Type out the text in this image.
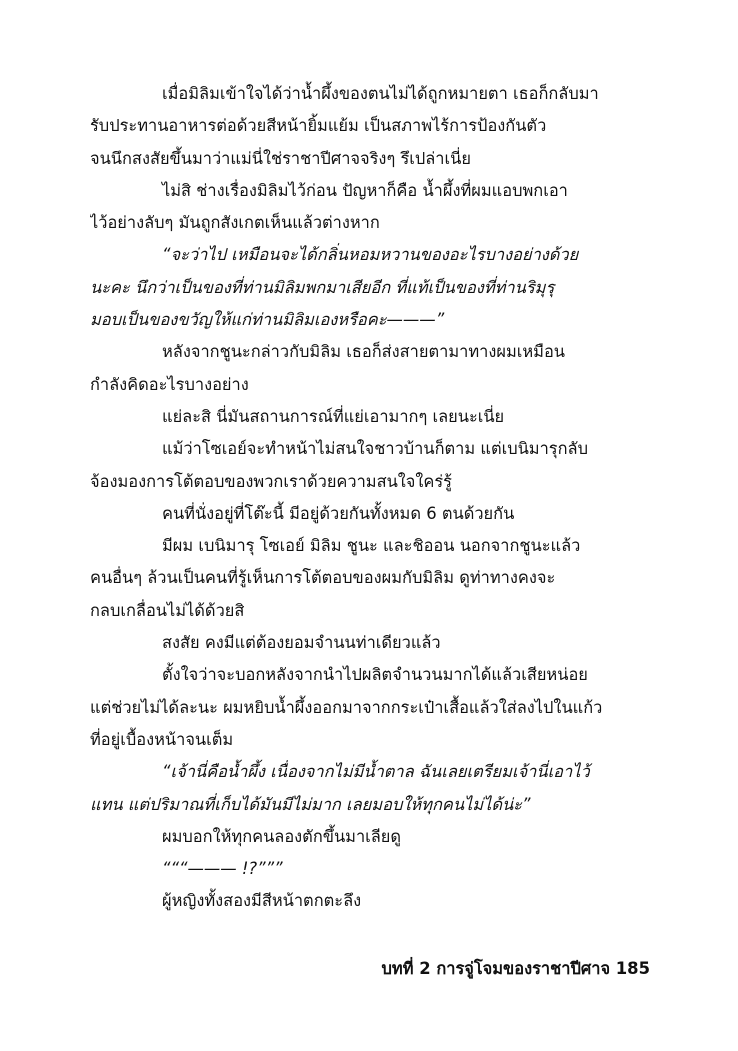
เมื่อมิลิมเข้าใจได้ว่าน้ำผึ้งของตนไม่ได้ถูกหมายตา เธอก็กลับมา
รับประทานอาหารต่อด้วยสีหน้ายิ้มแย้ม เป็นสภาพไร้การป้องกันตัว
จนนึกสงสัยขึ้นมาว่าแม่นี่ใช่ราชาปีศาจจริงๆ รึเปล่าเนี่ย
ไม่สิ ช่างเรื่องมิลิมไว้ก่อน ปัญหาก็คือ น้ำผึ้งที่ผมแอบพกเอา
ไว้อย่างลับๆ มันถูกสังเกตเห็นแล้วต่างหาก
“จะว่าไป เหมือนจะได้กลิ่นหอมหวานของอะไรบางอย่างด้วย
นะคะ นึกว่าเป็นของที่ท่านมิลิมพกมาเสียอีก ที่แท้เป็นของที่ท่านริมุรุ
มอบเป็นของขวัญให้แก่ท่านมิลิมเองหรือคะ———”
หลังจากชูนะกล่าวกับมิลิม เธอก็ส่งสายตามาทางผมเหมือน
กำลังคิดอะไรบางอย่าง
แย่ละสิ นี่มันสถานการณ์ที่แย่เอามากๆ เลยนะเนี่ย
แม้ว่าโซเอย์จะทำหน้าไม่สนใจชาวบ้านก็ตาม แต่เบนิมารุกลับ
จ้องมองการโต้ตอบของพวกเราด้วยความสนใจใคร่รู้
คนที่นั่งอยู่ที่โต๊ะนี้ มีอยู่ด้วยกันทั้งหมด 6 ตนด้วยกัน
มีผม เบนิมารุ โซเอย์ มิลิม ชูนะ และชิออน นอกจากชูนะแล้ว
คนอื่นๆ ล้วนเป็นคนที่รู้เห็นการโต้ตอบของผมกับมิลิม ดูท่าทางคงจะ
กลบเกลื่อนไม่ได้ด้วยสิ
สงสัย คงมีแต่ต้องยอมจำนนท่าเดียวแล้ว
ตั้งใจว่าจะบอกหลังจากนำไปผลิตจำนวนมากได้แล้วเสียหน่อย
แต่ช่วยไม่ได้ละนะ ผมหยิบน้ำผึ้งออกมาจากกระเป๋าเสื้อแล้วใส่ลงไปในแก้ว
ที่อยู่เบื้องหน้าจนเต็ม
“เจ้านี่คือน้ำผึ้ง เนื่องจากไม่มีน้ำตาล ฉันเลยเตรียมเจ้านี่เอาไว้
แทน แต่ปริมาณที่เก็บได้มันมีไม่มาก เลยมอบให้ทุกคนไม่ได้น่ะ”
ผมบอกให้ทุกคนลองตักขึ้นมาเลียดู
“““——— !?”””
ผู้หญิงทั้งสองมีสีหน้าตกตะลึง
บทที่ 2 การจู่โจมของราชาปีศาจ 185
